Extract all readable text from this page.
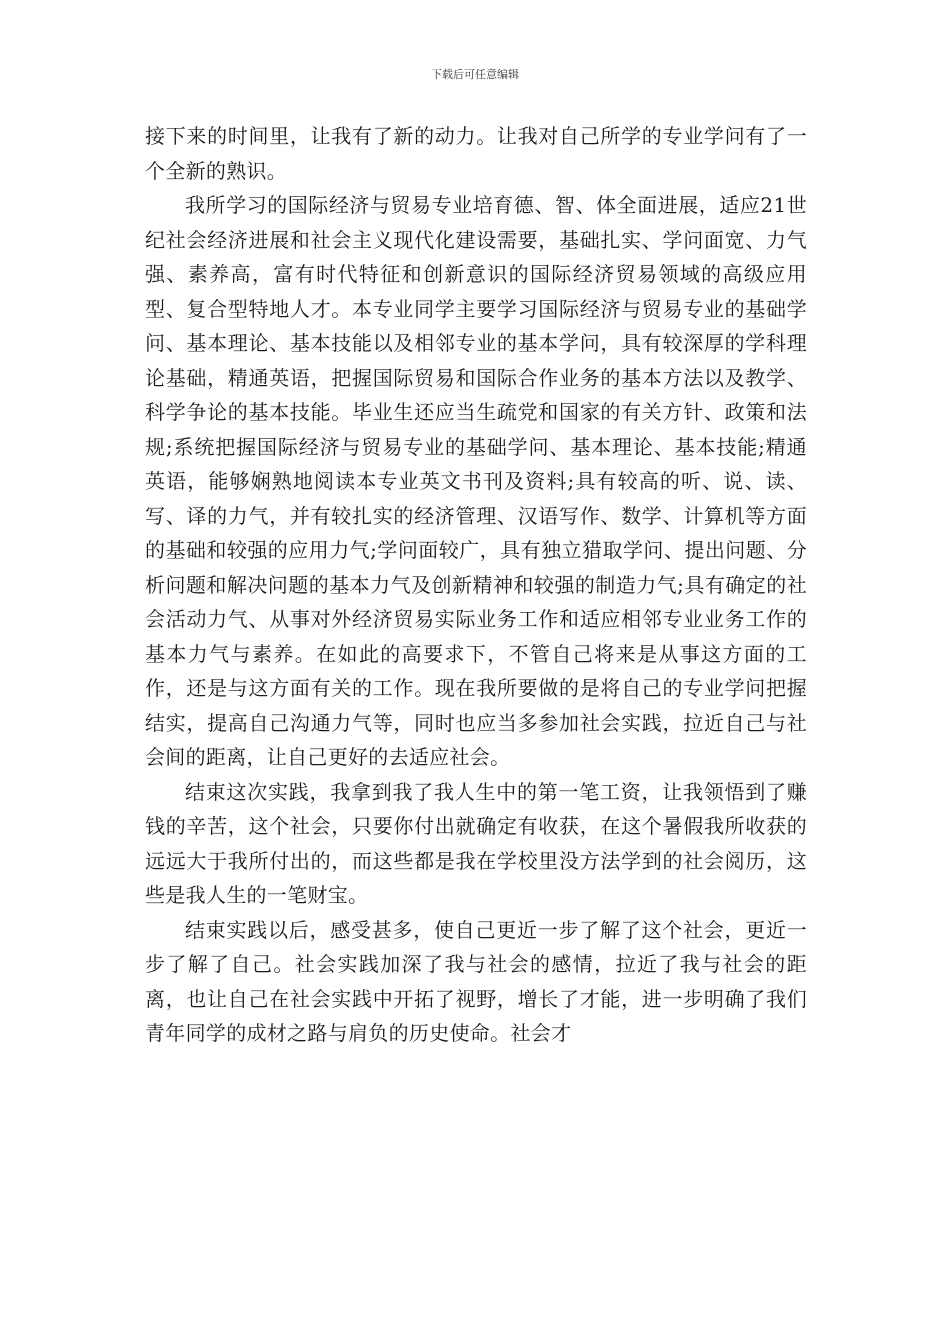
下载后可任意编辑

接下来的时间里，让我有了新的动力。让我对自己所学的专业学问有了一个全新的熟识。

我所学习的国际经济与贸易专业培育德、智、体全面进展，适应21世纪社会经济进展和社会主义现代化建设需要，基础扎实、学问面宽、力气强、素养高，富有时代特征和创新意识的国际经济贸易领域的高级应用型、复合型特地人才。本专业同学主要学习国际经济与贸易专业的基础学问、基本理论、基本技能以及相邻专业的基本学问，具有较深厚的学科理论基础，精通英语，把握国际贸易和国际合作业务的基本方法以及教学、科学争论的基本技能。毕业生还应当生疏党和国家的有关方针、政策和法规;系统把握国际经济与贸易专业的基础学问、基本理论、基本技能;精通英语，能够娴熟地阅读本专业英文书刊及资料;具有较高的听、说、读、写、译的力气，并有较扎实的经济管理、汉语写作、数学、计算机等方面的基础和较强的应用力气;学问面较广，具有独立猎取学问、提出问题、分析问题和解决问题的基本力气及创新精神和较强的制造力气;具有确定的社会活动力气、从事对外经济贸易实际业务工作和适应相邻专业业务工作的基本力气与素养。在如此的高要求下，不管自己将来是从事这方面的工作，还是与这方面有关的工作。现在我所要做的是将自己的专业学问把握结实，提高自己沟通力气等，同时也应当多参加社会实践，拉近自己与社会间的距离，让自己更好的去适应社会。

结束这次实践，我拿到我了我人生中的第一笔工资，让我领悟到了赚钱的辛苦，这个社会，只要你付出就确定有收获，在这个暑假我所收获的远远大于我所付出的，而这些都是我在学校里没方法学到的社会阅历，这些是我人生的一笔财宝。

结束实践以后，感受甚多，使自己更近一步了解了这个社会，更近一步了解了自己。社会实践加深了我与社会的感情，拉近了我与社会的距离，也让自己在社会实践中开拓了视野，增长了才能，进一步明确了我们青年同学的成材之路与肩负的历史使命。社会才
